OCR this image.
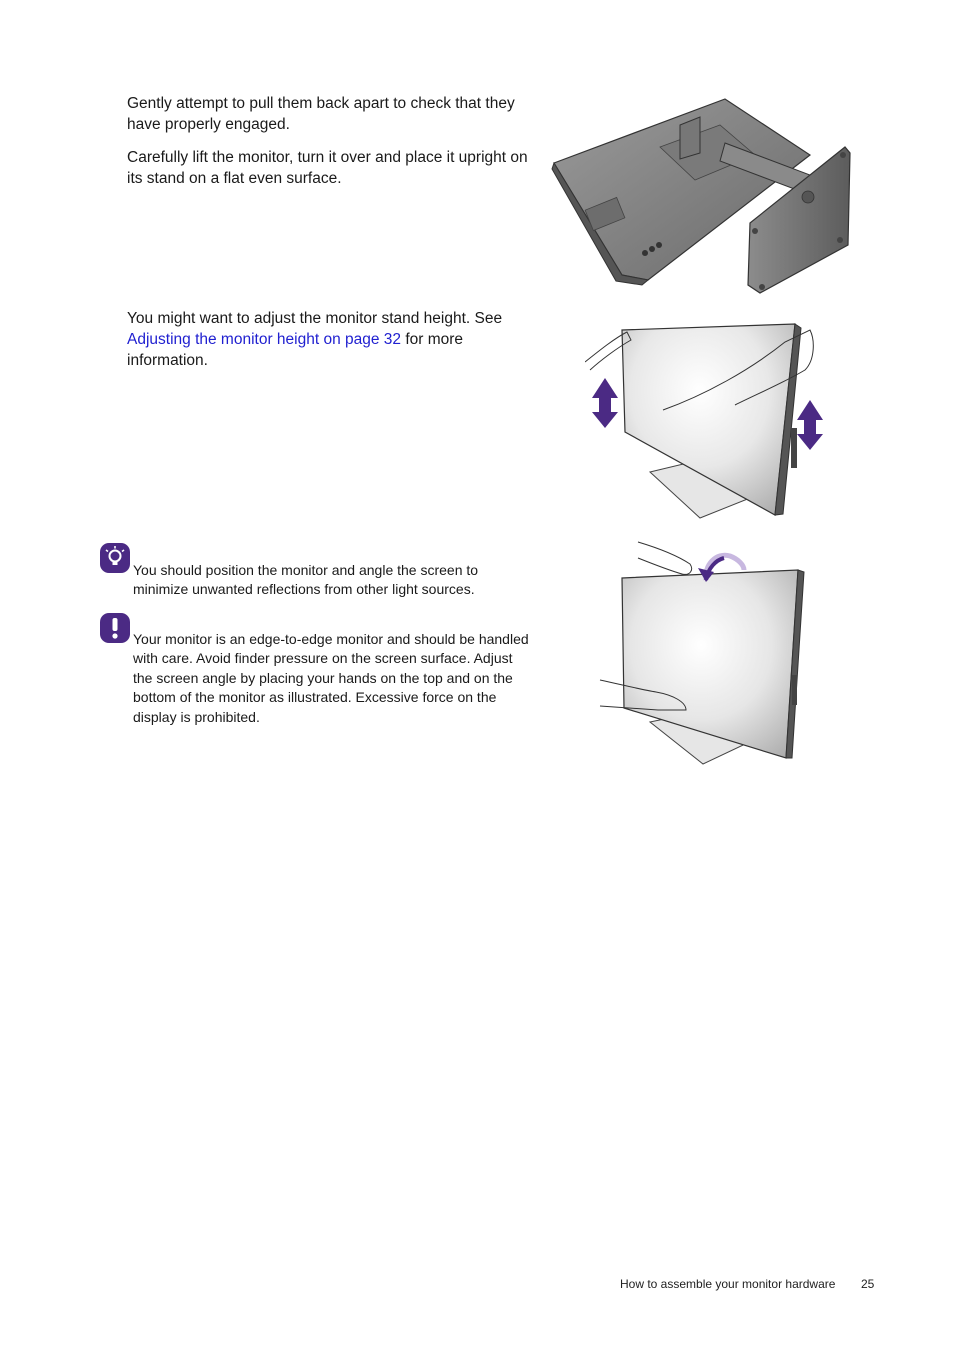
Gently attempt to pull them back apart to check that they have properly engaged.

Carefully lift the monitor, turn it over and place it upright on its stand on a flat even surface.

You might want to adjust the monitor stand height. See Adjusting the monitor height on page 32 for more information.

You should position the monitor and angle the screen to minimize unwanted reflections from other light sources.

Your monitor is an edge-to-edge monitor and should be handled with care. Avoid finder pressure on the screen surface. Adjust the screen angle by placing your hands on the top and on the bottom of the monitor as illustrated. Excessive force on the display is prohibited.

How to assemble your monitor hardware 25
